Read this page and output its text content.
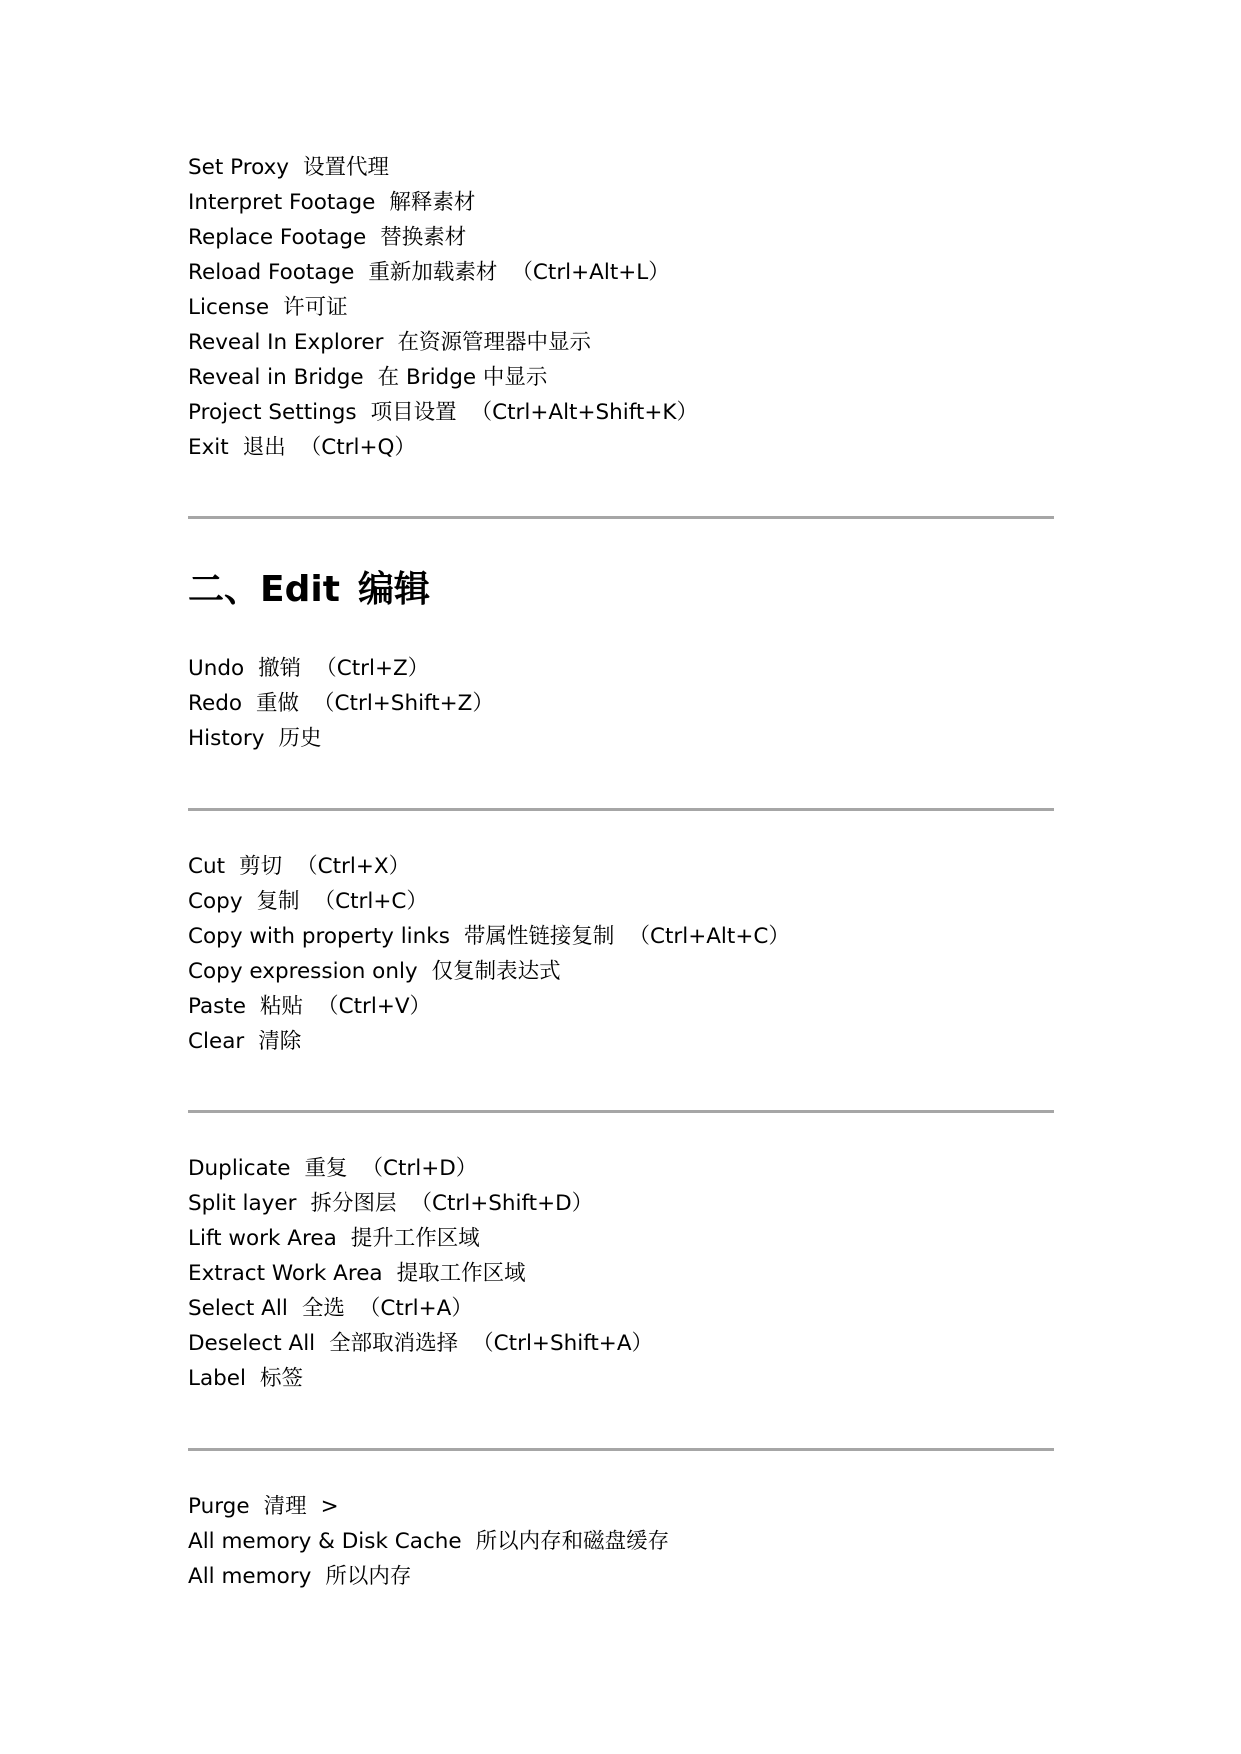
Set Proxy 设置代理
Interpret Footage 解释素材
Replace Footage 替换素材
Reload Footage 重新加载素材 （Ctrl+Alt+L）
License 许可证
Reveal In Explorer 在资源管理器中显示
Reveal in Bridge 在 Bridge 中显示
Project Settings 项目设置 （Ctrl+Alt+Shift+K）
Exit 退出 （Ctrl+Q）
二、Edit 编辑
Undo 撤销 （Ctrl+Z）
Redo 重做 （Ctrl+Shift+Z）
History 历史
Cut 剪切 （Ctrl+X）
Copy 复制 （Ctrl+C）
Copy with property links 带属性链接复制 （Ctrl+Alt+C）
Copy expression only 仅复制表达式
Paste 粘贴 （Ctrl+V）
Clear 清除
Duplicate 重复 （Ctrl+D）
Split layer 拆分图层 （Ctrl+Shift+D）
Lift work Area 提升工作区域
Extract Work Area 提取工作区域
Select All 全选 （Ctrl+A）
Deselect All 全部取消选择 （Ctrl+Shift+A）
Label 标签
Purge 清理 >
All memory & Disk Cache 所以内存和磁盘缓存
All memory 所以内存
